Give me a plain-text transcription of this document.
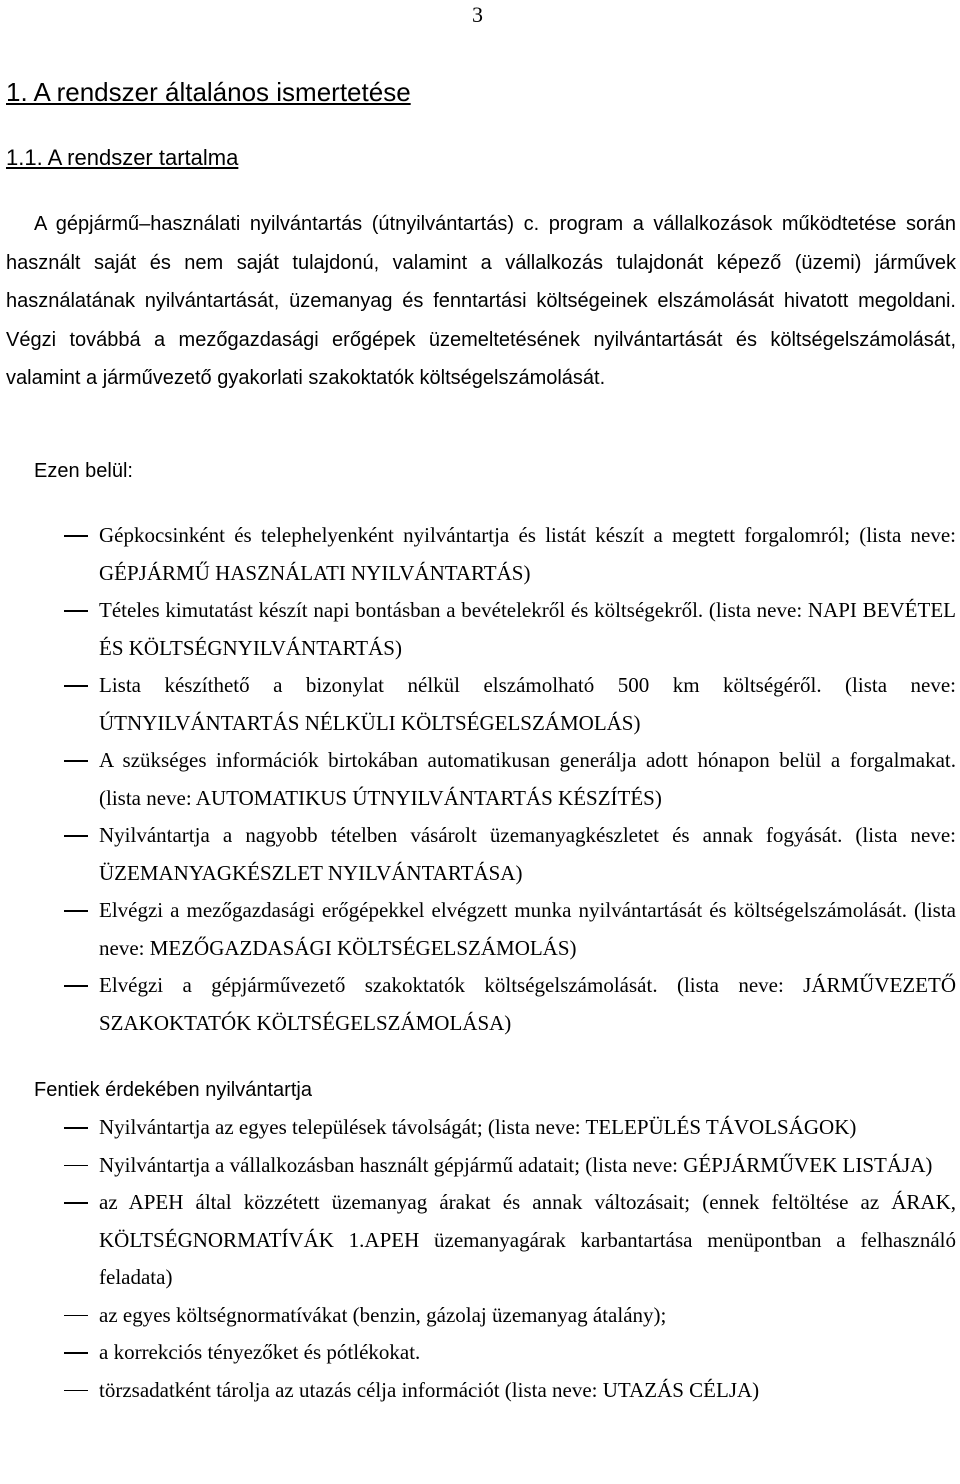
3
1. A rendszer általános ismertetése
1.1. A rendszer tartalma

A gépjármű–használati nyilvántartás (útnyilvántartás) c. program a vállalkozások működtetése során használt saját és nem saját tulajdonú, valamint a vállalkozás tulajdonát képező (üzemi) járművek használatának nyilvántartását, üzemanyag és fenntartási költségeinek elszámolását hivatott megoldani. Végzi továbbá a mezőgazdasági erőgépek üzemeltetésének nyilvántartását és költségelszámolását, valamint a járművezető gyakorlati szakoktatók költségelszámolását.

Ezen belül:

Gépkocsinként és telephelyenként nyilvántartja és listát készít a megtett forgalomról; (lista neve: GÉPJÁRMŰ HASZNÁLATI NYILVÁNTARTÁS)
Tételes kimutatást készít napi bontásban a bevételekről és költségekről. (lista neve: NAPI BEVÉTEL ÉS KÖLTSÉGNYILVÁNTARTÁS)
Lista készíthető a bizonylat nélkül elszámolható 500 km költségéről. (lista neve: ÚTNYILVÁNTARTÁS NÉLKÜLI KÖLTSÉGELSZÁMOLÁS)
A szükséges információk birtokában automatikusan generálja adott hónapon belül a forgalmakat. (lista neve: AUTOMATIKUS ÚTNYILVÁNTARTÁS KÉSZÍTÉS)
Nyilvántartja a nagyobb tételben vásárolt üzemanyagkészletet és annak fogyását. (lista neve: ÜZEMANYAGKÉSZLET NYILVÁNTARTÁSA)
Elvégzi a mezőgazdasági erőgépekkel elvégzett munka nyilvántartását és költségelszámolását. (lista neve: MEZŐGAZDASÁGI KÖLTSÉGELSZÁMOLÁS)
Elvégzi a gépjárművezető szakoktatók költségelszámolását. (lista neve: JÁRMŰVEZETŐ SZAKOKTATÓK KÖLTSÉGELSZÁMOLÁSA)

Fentiek érdekében nyilvántartja

Nyilvántartja az egyes települések távolságát; (lista neve: TELEPÜLÉS TÁVOLSÁGOK)
Nyilvántartja a vállalkozásban használt gépjármű adatait; (lista neve: GÉPJÁRMŰVEK LISTÁJA)
az APEH által közzétett üzemanyag árakat és annak változásait; (ennek feltöltése az ÁRAK, KÖLTSÉGNORMATÍVÁK 1.APEH üzemanyagárak karbantartása menüpontban a felhasználó feladata)
az egyes költségnormatívákat (benzin, gázolaj üzemanyag átalány);
a korrekciós tényezőket és pótlékokat.
törzsadatként tárolja az utazás célja információt (lista neve: UTAZÁS CÉLJA)
